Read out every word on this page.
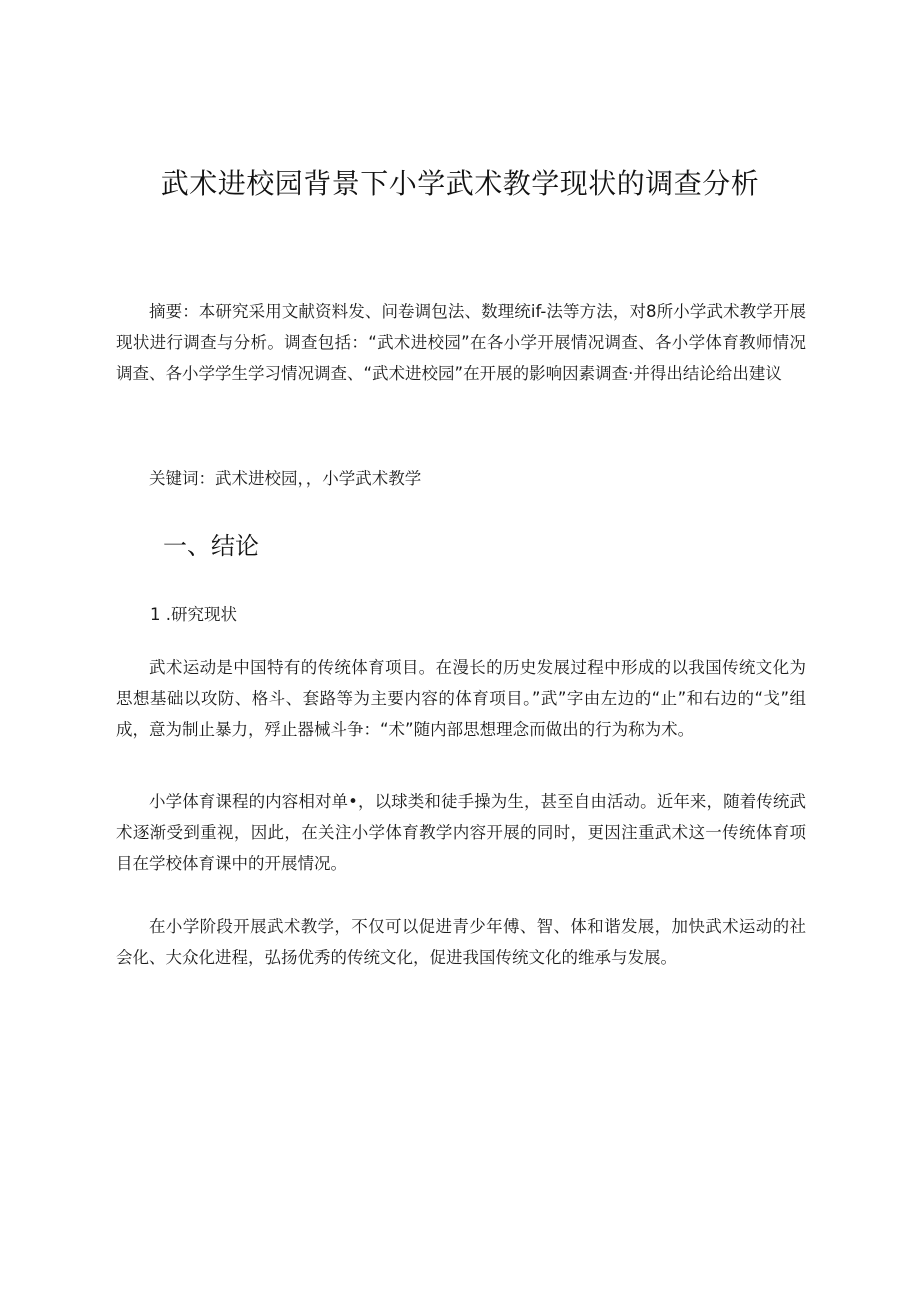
武术进校园背景下小学武术教学现状的调查分析

摘要：本研究采用文献资料发、问卷调包法、数理统if-法等方法，对8所小学武术教学开展现状进行调查与分析。调查包括：“武术进校园”在各小学开展情况调查、各小学体育教师情况调查、各小学学生学习情况调查、“武术进校园”在开展的影响因素调查·并得出结论给出建议

关键词：武术进校园，，小学武术教学

一、结论
1 .研究现状

武术运动是中国特有的传统体育项目。在漫长的历史发展过程中形成的以我国传统文化为思想基础以攻防、格斗、套路等为主要内容的体育项目。”武”字由左边的“止”和右边的“戈”组成，意为制止暴力，殍止器械斗争：“术”随内部思想理念而做出的行为称为术。

小学体育课程的内容相对单•，以球类和徒手操为生，甚至自由活动。近年来，随着传统武术逐渐受到重视，因此，在关注小学体育教学内容开展的同时，更因注重武术这一传统体育项目在学校体育课中的开展情况。

在小学阶段开展武术教学，不仅可以促进青少年傅、智、体和谐发展，加快武术运动的社会化、大众化进程，弘扬优秀的传统文化，促进我国传统文化的维承与发展。
